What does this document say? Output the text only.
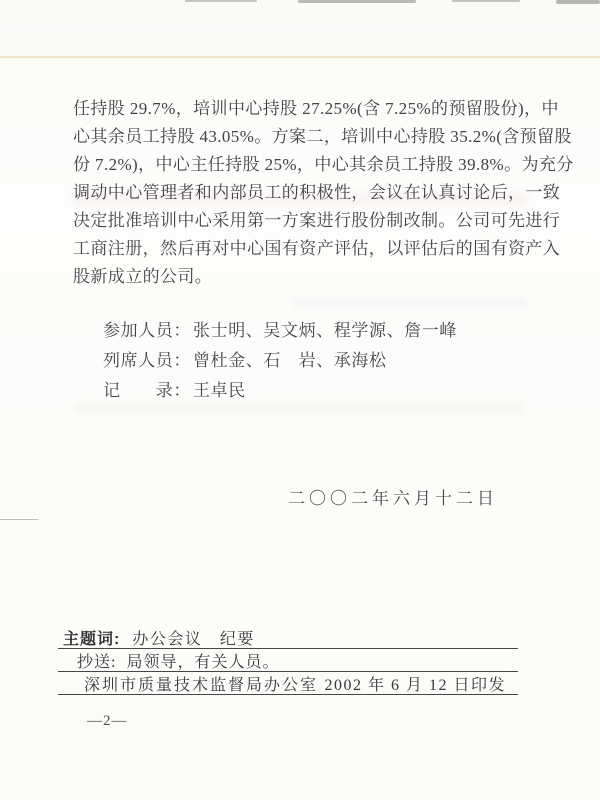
任持股 29.7%，培训中心持股 27.25%(含 7.25%的预留股份)，中
心其余员工持股 43.05%。方案二，培训中心持股 35.2%(含预留股
份 7.2%)，中心主任持股 25%，中心其余员工持股 39.8%。为充分
调动中心管理者和内部员工的积极性，会议在认真讨论后，一致
决定批准培训中心采用第一方案进行股份制改制。公司可先进行
工商注册，然后再对中心国有资产评估，以评估后的国有资产入
股新成立的公司。
参加人员： 张士明、吴文炳、程学源、詹一峰
列席人员： 曾杜金、石　岩、承海松
记　　录： 王卓民
二〇〇二年六月十二日
主题词: 办公会议　纪要
抄送: 局领导，有关人员。
深圳市质量技术监督局办公室 2002 年 6 月 12 日印发
—2—
